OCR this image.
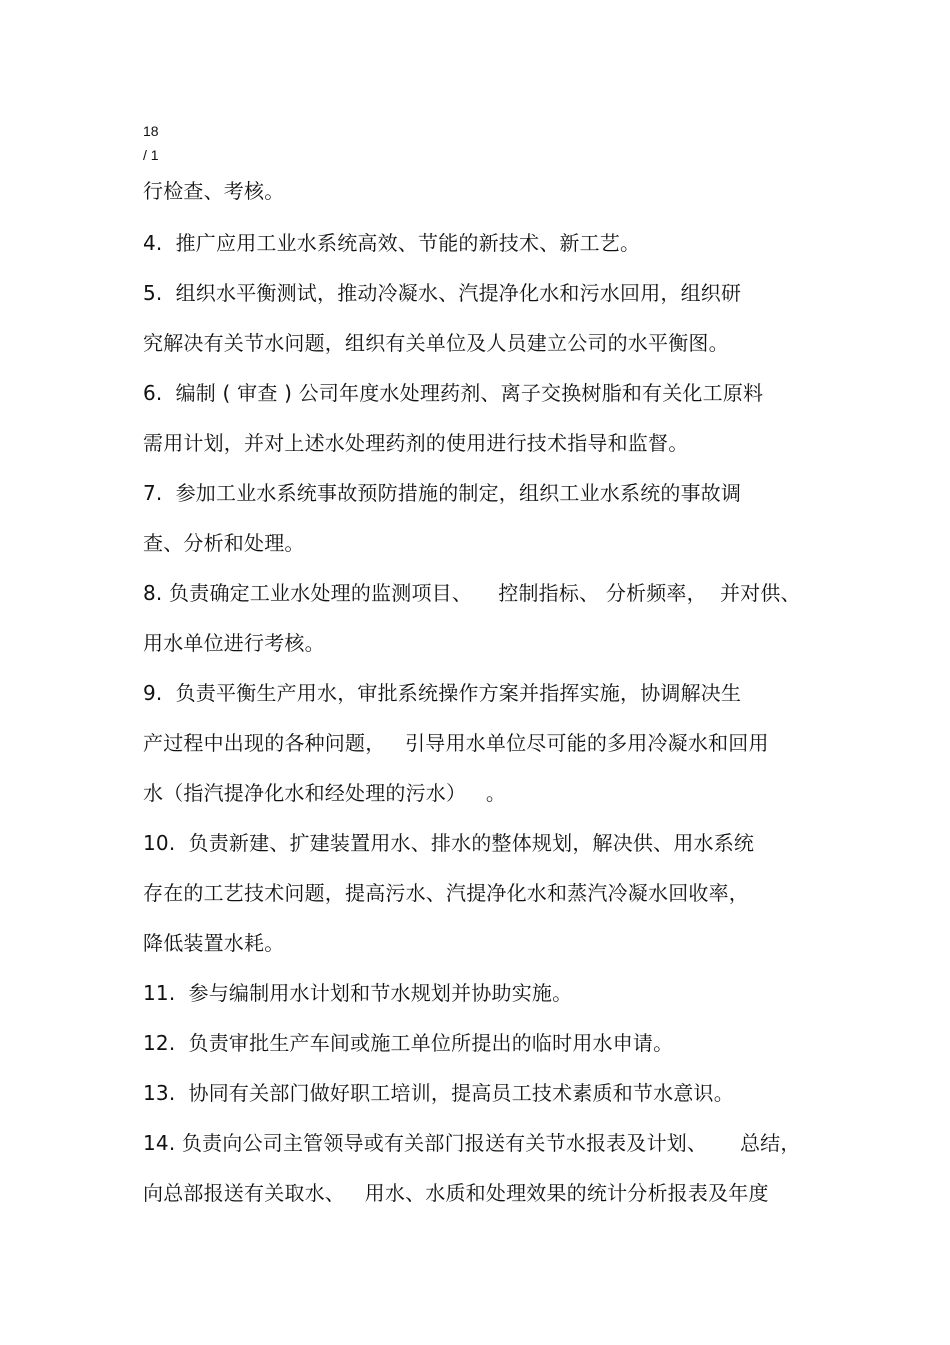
18
/ 1
行检查、考核。
4.  推广应用工业水系统高效、节能的新技术、新工艺。
5.  组织水平衡测试，推动冷凝水、汽提净化水和污水回用，组织研
究解决有关节水问题，组织有关单位及人员建立公司的水平衡图。
6.  编制 ( 审查 ) 公司年度水处理药剂、离子交换树脂和有关化工原料
需用计划，并对上述水处理药剂的使用进行技术指导和监督。
7.  参加工业水系统事故预防措施的制定，组织工业水系统的事故调
查、分析和处理。
8. 负责确定工业水处理的监测项目、    控制指标、 分析频率，  并对供、
用水单位进行考核。
9.  负责平衡生产用水，审批系统操作方案并指挥实施，协调解决生
产过程中出现的各种问题，   引导用水单位尽可能的多用冷凝水和回用
水（指汽提净化水和经处理的污水）   。
10.  负责新建、扩建装置用水、排水的整体规划，解决供、用水系统
存在的工艺技术问题，提高污水、汽提净化水和蒸汽冷凝水回收率，
降低装置水耗。
11.  参与编制用水计划和节水规划并协助实施。
12.  负责审批生产车间或施工单位所提出的临时用水申请。
13.  协同有关部门做好职工培训，提高员工技术素质和节水意识。
14. 负责向公司主管领导或有关部门报送有关节水报表及计划、     总结，
向总部报送有关取水、   用水、水质和处理效果的统计分析报表及年度
